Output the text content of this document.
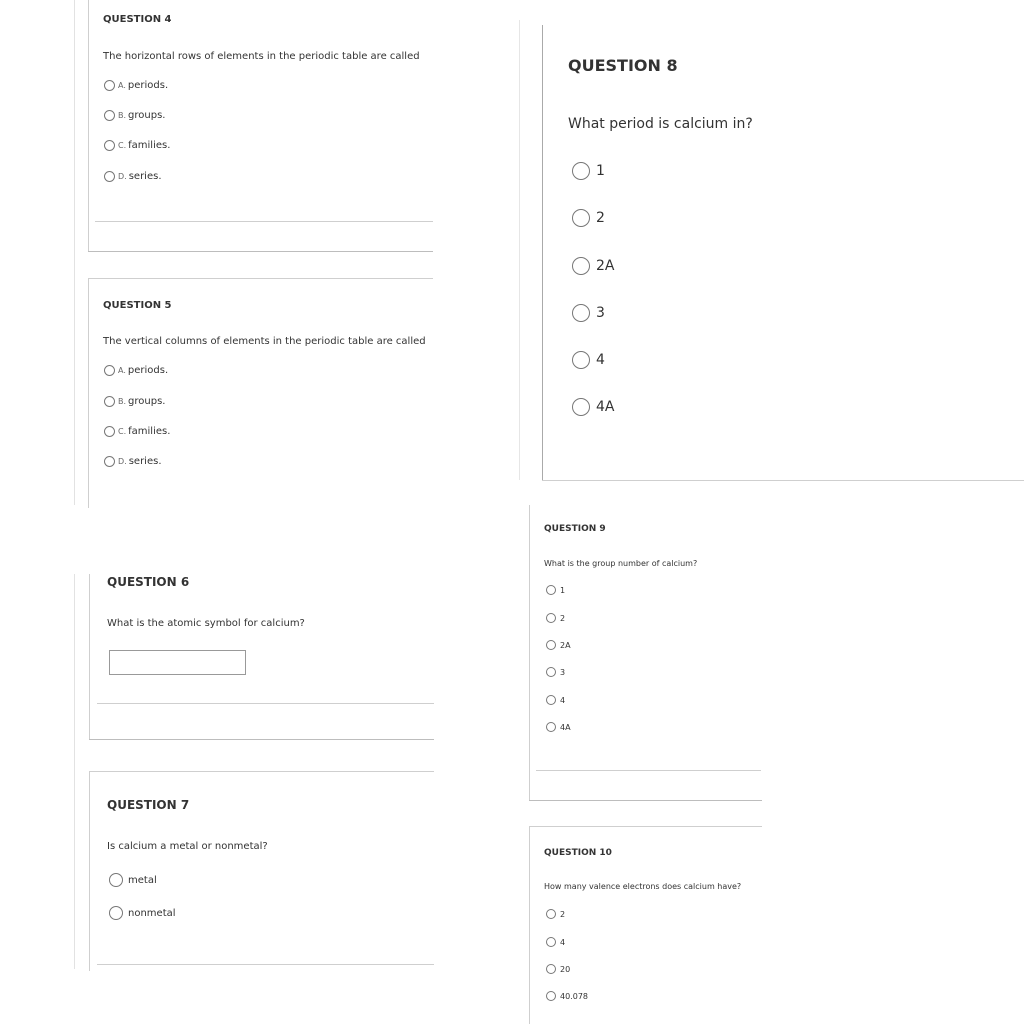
QUESTION 4
The horizontal rows of elements in the periodic table are called
A. periods.
B. groups.
C. families.
D. series.
QUESTION 5
The vertical columns of elements in the periodic table are called
A. periods.
B. groups.
C. families.
D. series.
QUESTION 6
What is the atomic symbol for calcium?
QUESTION 7
Is calcium a metal or nonmetal?
metal
nonmetal
QUESTION 8
What period is calcium in?
1
2
2A
3
4
4A
QUESTION 9
What is the group number of calcium?
1
2
2A
3
4
4A
QUESTION 10
How many valence electrons does calcium have?
2
4
20
40.078
